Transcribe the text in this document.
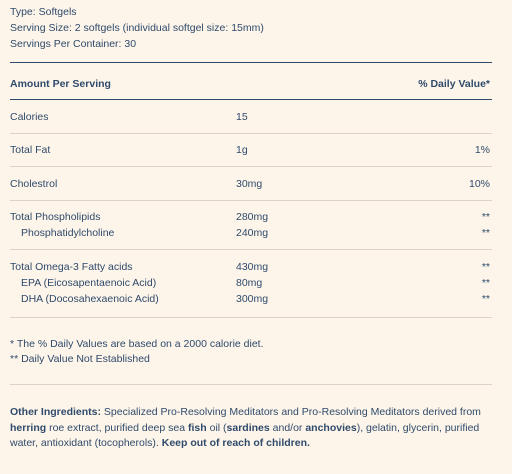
Type: Softgels
Serving Size: 2 softgels (individual softgel size: 15mm)
Servings Per Container: 30
Amount Per Serving	% Daily Value*
Calories	15
Total Fat	1g	1%
Cholestrol	30mg	10%
Total Phospholipids	280mg	**
Phosphatidylcholine	240mg	**
Total Omega-3 Fatty acids	430mg	**
EPA (Eicosapentaenoic Acid)	80mg	**
DHA (Docosahexaenoic Acid)	300mg	**
* The % Daily Values are based on a 2000 calorie diet.
** Daily Value Not Established
Other Ingredients: Specialized Pro-Resolving Meditators and Pro-Resolving Meditators derived from herring roe extract, purified deep sea fish oil (sardines and/or anchovies), gelatin, glycerin, purified water, antioxidant (tocopherols). Keep out of reach of children.
